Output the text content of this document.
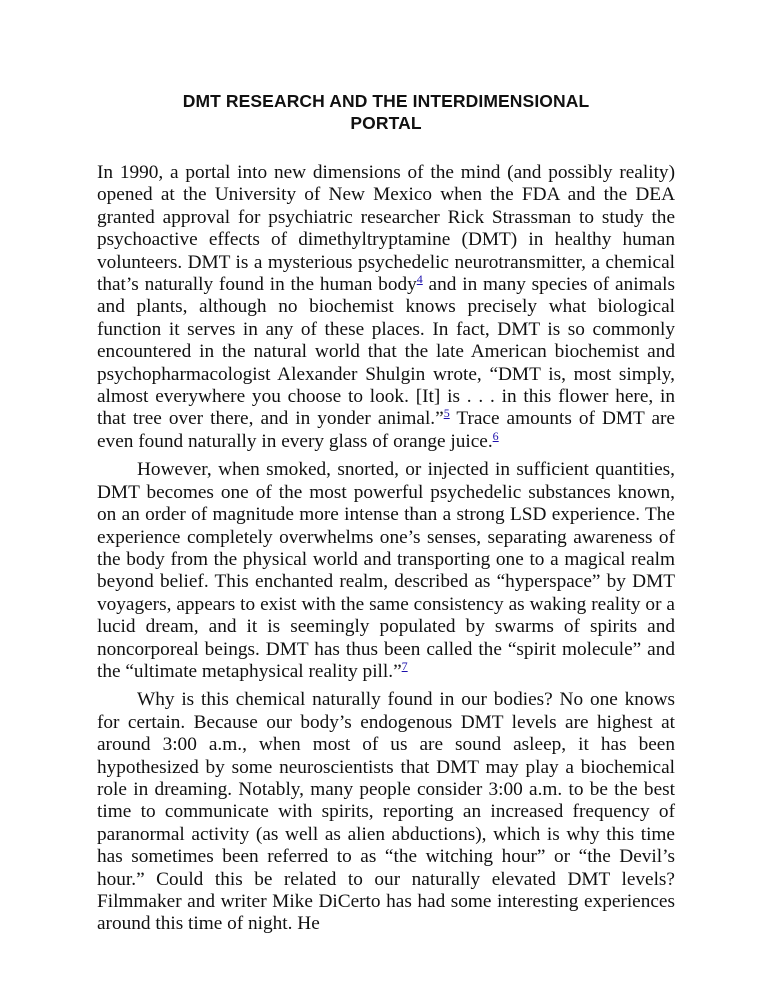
DMT RESEARCH AND THE INTERDIMENSIONAL
PORTAL

In 1990, a portal into new dimensions of the mind (and possibly reality) opened at the University of New Mexico when the FDA and the DEA granted approval for psychiatric researcher Rick Strassman to study the psychoactive effects of dimethyltryptamine (DMT) in healthy human volunteers. DMT is a mysterious psychedelic neurotransmitter, a chemical that’s naturally found in the human body$^4$ and in many species of animals and plants, although no biochemist knows precisely what biological function it serves in any of these places. In fact, DMT is so commonly encountered in the natural world that the late American biochemist and psychopharmacologist Alexander Shulgin wrote, “DMT is, most simply, almost everywhere you choose to look. [It] is . . . in this flower here, in that tree over there, and in yonder animal.”$^5$ Trace amounts of DMT are even found naturally in every glass of orange juice.$^6$

However, when smoked, snorted, or injected in sufficient quantities, DMT becomes one of the most powerful psychedelic substances known, on an order of magnitude more intense than a strong LSD experience. The experience completely overwhelms one’s senses, separating awareness of the body from the physical world and transporting one to a magical realm beyond belief. This enchanted realm, described as “hyperspace” by DMT voyagers, appears to exist with the same consistency as waking reality or a lucid dream, and it is seemingly populated by swarms of spirits and noncorporeal beings. DMT has thus been called the “spirit molecule” and the “ultimate metaphysical reality pill.”$^7$

Why is this chemical naturally found in our bodies? No one knows for certain. Because our body’s endogenous DMT levels are highest at around 3:00 a.m., when most of us are sound asleep, it has been hypothesized by some neuroscientists that DMT may play a biochemical role in dreaming. Notably, many people consider 3:00 a.m. to be the best time to communicate with spirits, reporting an increased frequency of paranormal activity (as well as alien abductions), which is why this time has sometimes been referred to as “the witching hour” or “the Devil’s hour.” Could this be related to our naturally elevated DMT levels? Filmmaker and writer Mike DiCerto has had some interesting experiences around this time of night. He
